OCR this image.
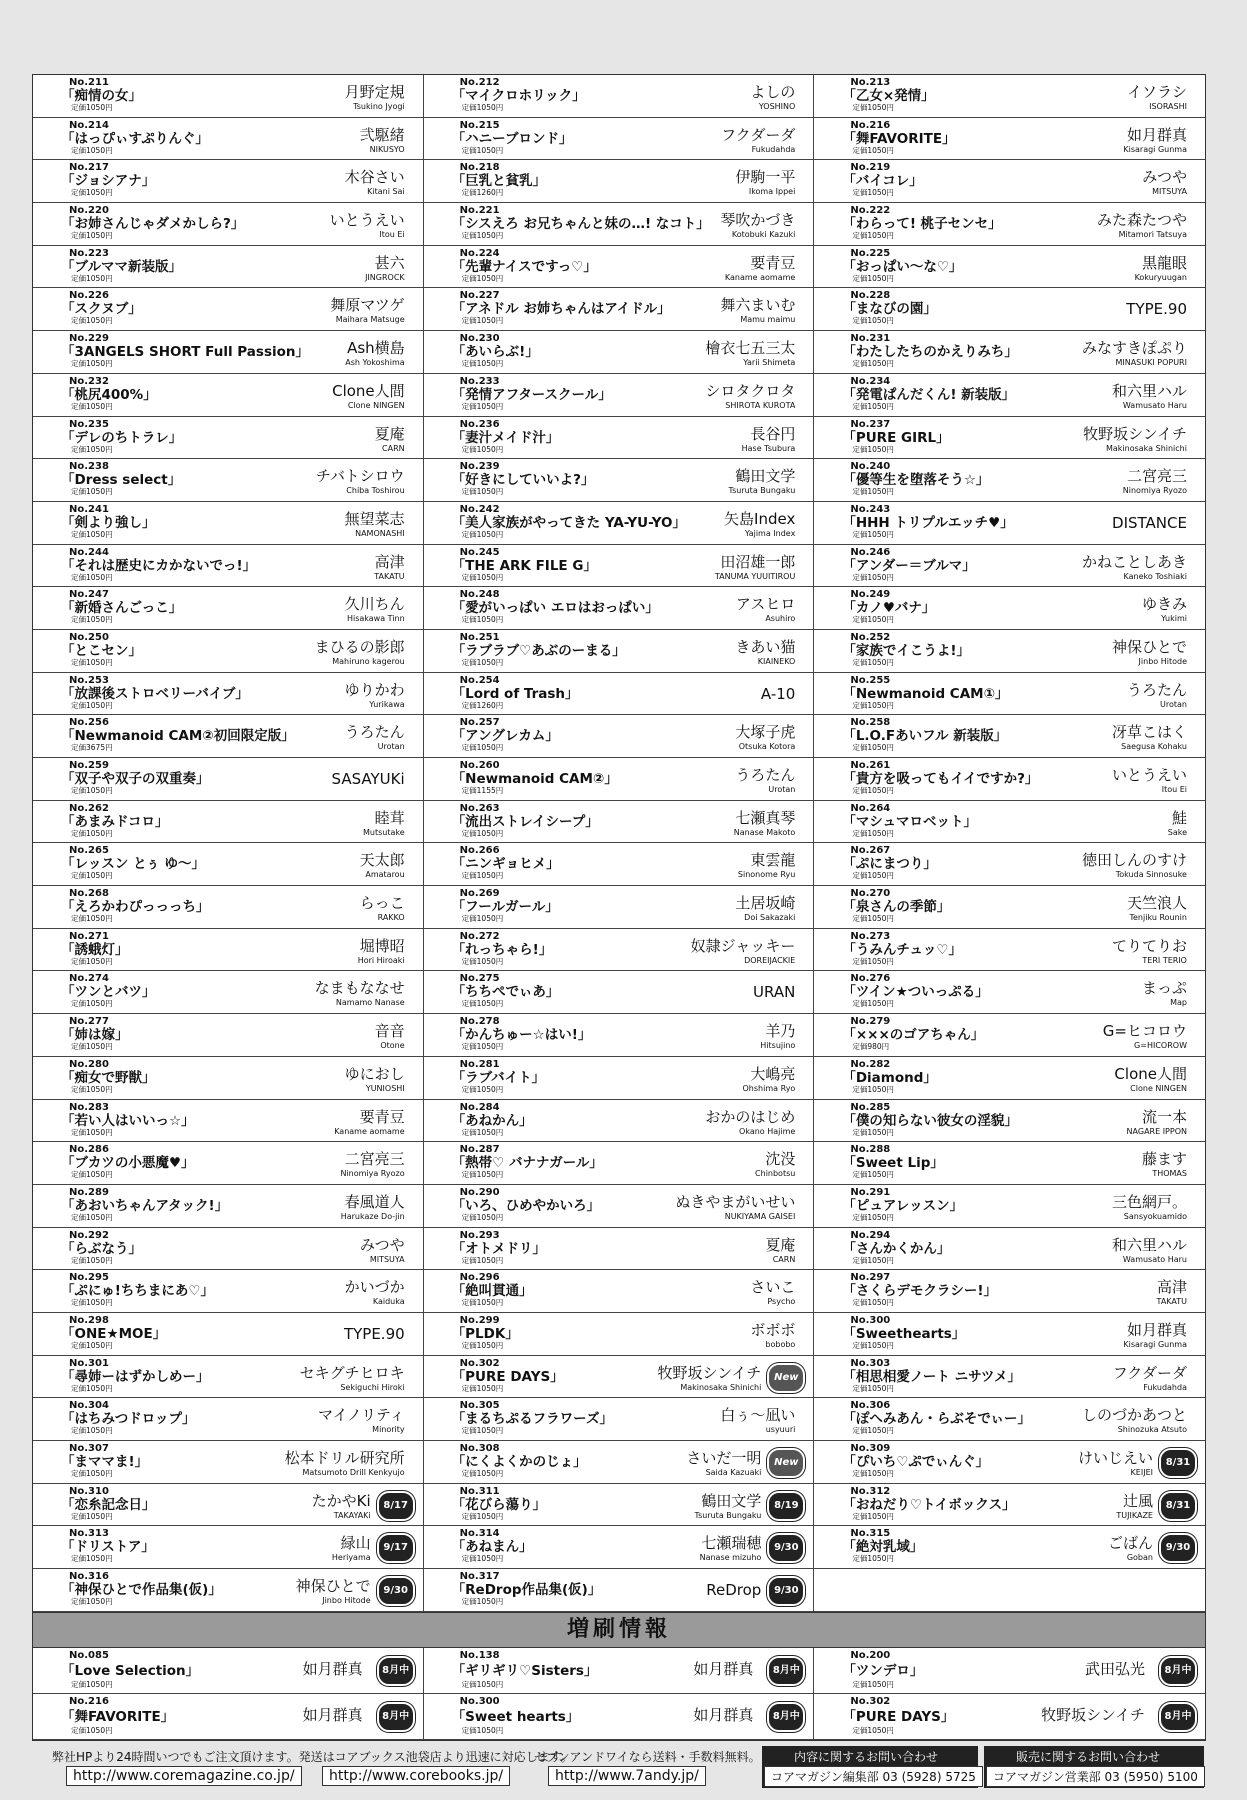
No.211
「痴情の女」
定価1050円
月野定規
Tsukino Jyogi
No.212
「マイクロホリック」
定価1050円
よしの
YOSHINO
No.213
「乙女×発情」
定価1050円
イソラシ
ISORASHI
No.214
「はっぴぃすぷりんぐ」
定価1050円
弐駆緒
NIKUSYO
No.215
「ハニーブロンド」
定価1050円
フクダーダ
Fukudahda
No.216
「舞FAVORITE」
定価1050円
如月群真
Kisaragi Gunma
No.217
「ジョシアナ」
定価1050円
木谷さい
Kitani Sai
No.218
「巨乳と貧乳」
定価1260円
伊駒一平
Ikoma Ippei
No.219
「バイコレ」
定価1050円
みつや
MITSUYA
No.220
「お姉さんじゃダメかしら?」
定価1050円
いとうえい
Itou Ei
No.221
「シスえろ お兄ちゃんと妹の…! なコト」
定価1050円
琴吹かづき
Kotobuki Kazuki
No.222
「わらって! 桃子センセ」
定価1050円
みた森たつや
Mitamori Tatsuya
No.223
「ブルママ新装版」
定価1050円
甚六
JINGROCK
No.224
「先輩ナイスですっ♡」
定価1050円
要青豆
Kaname aomame
No.225
「おっぱい～な♡」
定価1050円
黒龍眼
Kokuryuugan
No.226
「スクヌブ」
定価1050円
舞原マツゲ
Maihara Matsuge
No.227
「アネドル お姉ちゃんはアイドル」
定価1050円
舞六まいむ
Mamu maimu
No.228
「まなびの園」
定価1050円
TYPE.90
No.229
「3ANGELS SHORT Full Passion」
定価1050円
Ash横島
Ash Yokoshima
No.230
「あいらぶ!」
定価1050円
檜衣七五三太
Yarii Shimeta
No.231
「わたしたちのかえりみち」
定価1050円
みなすきぽぷり
MINASUKI POPURI
No.232
「桃尻400%」
定価1050円
Clone人間
Clone NINGEN
No.233
「発情アフタースクール」
定価1050円
シロタクロタ
SHIROTA KUROTA
No.234
「発電ぱんだくん! 新装版」
定価1050円
和六里ハル
Wamusato Haru
No.235
「デレのちトラレ」
定価1050円
夏庵
CARN
No.236
「妻汁メイド汁」
定価1050円
長谷円
Hase Tsubura
No.237
「PURE GIRL」
定価1050円
牧野坂シンイチ
Makinosaka Shinichi
No.238
「Dress select」
定価1050円
チバトシロウ
Chiba Toshirou
No.239
「好きにしていいよ?」
定価1050円
鶴田文学
Tsuruta Bungaku
No.240
「優等生を堕落そう☆」
定価1050円
二宮亮三
Ninomiya Ryozo
No.241
「剣より強し」
定価1050円
無望菜志
NAMONASHI
No.242
「美人家族がやってきた YA-YU-YO」
定価1050円
矢島Index
Yajima Index
No.243
「HHH トリプルエッチ♥」
定価1050円
DISTANCE
No.244
「それは歴史にカかないでっ!」
定価1050円
高津
TAKATU
No.245
「THE ARK FILE G」
定価1050円
田沼雄一郎
TANUMA YUUITIROU
No.246
「アンダー＝ブルマ」
定価1050円
かねことしあき
Kaneko Toshiaki
No.247
「新婚さんごっこ」
定価1050円
久川ちん
Hisakawa Tinn
No.248
「愛がいっぱい エロはおっぱい」
定価1050円
アスヒロ
Asuhiro
No.249
「カノ♥バナ」
定価1050円
ゆきみ
Yukimi
No.250
「とこセン」
定価1050円
まひるの影郎
Mahiruno kagerou
No.251
「ラブラブ♡あぶのーまる」
定価1050円
きあい猫
KIAINEKO
No.252
「家族でイこうよ!」
定価1050円
神保ひとで
Jinbo Hitode
No.253
「放課後ストロベリーバイブ」
定価1050円
ゆりかわ
Yurikawa
No.254
「Lord of Trash」
定価1260円
A-10
No.255
「Newmanoid CAM①」
定価1050円
うろたん
Urotan
No.256
「Newmanoid CAM②初回限定版」
定価3675円
うろたん
Urotan
No.257
「アングレカム」
定価1050円
大塚子虎
Otsuka Kotora
No.258
「L.O.Fあいフル 新装版」
定価1050円
冴草こはく
Saegusa Kohaku
No.259
「双子や双子の双重奏」
定価1050円
SASAYUKi
No.260
「Newmanoid CAM②」
定価1155円
うろたん
Urotan
No.261
「貴方を吸ってもイイですか?」
定価1050円
いとうえい
Itou Ei
No.262
「あまみドコロ」
定価1050円
睦茸
Mutsutake
No.263
「流出ストレイシープ」
定価1050円
七瀬真琴
Nanase Makoto
No.264
「マシュマロベット」
定価1050円
鮭
Sake
No.265
「レッスン とぅ ゆ～」
定価1050円
天太郎
Amatarou
No.266
「ニンギョヒメ」
定価1050円
東雲龍
Sinonome Ryu
No.267
「ぷにまつり」
定価1050円
徳田しんのすけ
Tokuda Sinnosuke
No.268
「えろかわぴっっっち」
定価1050円
らっこ
RAKKO
No.269
「フールガール」
定価1050円
土居坂崎
Doi Sakazaki
No.270
「泉さんの季節」
定価1050円
天竺浪人
Tenjiku Rounin
No.271
「誘蛾灯」
定価1050円
堀博昭
Hori Hiroaki
No.272
「れっちゃら!」
定価1050円
奴隷ジャッキー
DOREIJACKIE
No.273
「うみんチュッ♡」
定価1050円
てりてりお
TERI TERIO
No.274
「ツンとバツ」
定価1050円
なまもななせ
Namamo Nanase
No.275
「ちちぺでぃあ」
定価1050円
URAN
No.276
「ツイン★ついっぷる」
定価1050円
まっぷ
Map
No.277
「姉は嫁」
定価1050円
音音
Otone
No.278
「かんちゅー☆はい!」
定価1050円
羊乃
Hitsujino
No.279
「×××のゴアちゃん」
定価980円
G=ヒコロウ
G=HICOROW
No.280
「痴女で野獣」
定価1050円
ゆにおし
YUNIOSHI
No.281
「ラブバイト」
定価1050円
大嶋亮
Ohshima Ryo
No.282
「Diamond」
定価1050円
Clone人間
Clone NINGEN
No.283
「若い人はいいっ☆」
定価1050円
要青豆
Kaname aomame
No.284
「あねかん」
定価1050円
おかのはじめ
Okano Hajime
No.285
「僕の知らない彼女の淫貌」
定価1050円
流一本
NAGARE IPPON
No.286
「ブカツの小悪魔♥」
定価1050円
二宮亮三
Ninomiya Ryozo
No.287
「熱帯♡ バナナガール」
定価1050円
沈没
Chinbotsu
No.288
「Sweet Lip」
定価1050円
藤ます
THOMAS
No.289
「あおいちゃんアタック!」
定価1050円
春風道人
Harukaze Do-jin
No.290
「いろ、ひめやかいろ」
定価1050円
ぬきやまがいせい
NUKIYAMA GAISEI
No.291
「ピュアレッスン」
定価1050円
三色網戸。
Sansyokuamido
No.292
「らぶなう」
定価1050円
みつや
MITSUYA
No.293
「オトメドリ」
定価1050円
夏庵
CARN
No.294
「さんかくかん」
定価1050円
和六里ハル
Wamusato Haru
No.295
「ぷにゅ!ちちまにあ♡」
定価1050円
かいづか
Kaiduka
No.296
「絶叫貫通」
定価1050円
さいこ
Psycho
No.297
「さくらデモクラシー!」
定価1050円
高津
TAKATU
No.298
「ONE★MOE」
定価1050円
TYPE.90
No.299
「PLDK」
定価1050円
ボボボ
bobobo
No.300
「Sweethearts」
定価1050円
如月群真
Kisaragi Gunma
No.301
「尋姉ーはずかしめー」
定価1050円
セキグチヒロキ
Sekiguchi Hiroki
No.302
「PURE DAYS」
定価1050円
牧野坂シンイチ
Makinosaka Shinichi
New
No.303
「相思相愛ノート ニサツメ」
定価1050円
フクダーダ
Fukudahda
No.304
「はちみつドロップ」
定価1050円
マイノリティ
Minority
No.305
「まるちぷるフラワーズ」
定価1050円
白ぅ～凪い
usyuuri
No.306
「ぽへみあん・らぶそでぃー」
定価1050円
しのづかあつと
Shinozuka Atsuto
No.307
「まママま!」
定価1050円
松本ドリル研究所
Matsumoto Drill Kenkyujo
No.308
「にくよくかのじょ」
定価1050円
さいだ一明
Saida Kazuaki
New
No.309
「ぴいち♡ぷでぃんぐ」
定価1050円
けいじえい
KEIJEI
8/31
No.310
「恋糸記念日」
定価1050円
たかやKi
TAKAYAKi
8/17
No.311
「花びら蕩り」
定価1050円
鶴田文学
Tsuruta Bungaku
8/19
No.312
「おねだり♡トイボックス」
定価1050円
辻風
TUJIKAZE
8/31
No.313
「ドリストア」
定価1050円
緑山
Heriyama
9/17
No.314
「あねまん」
定価1050円
七瀬瑞穂
Nanase mizuho
9/30
No.315
「絶対乳域」
定価1050円
ごばん
Goban
9/30
No.316
「神保ひとで作品集(仮)」
定価1050円
神保ひとで
Jinbo Hitode
9/30
No.317
「ReDrop作品集(仮)」
定価1050円
ReDrop	9/30
増刷情報
No.085
「Love Selection」
定価1050円
如月群真	8月中
No.138
「ギリギリ♡Sisters」
定価1050円
如月群真	8月中
No.200
「ツンデロ」
定価1050円
武田弘光	8月中
No.216
「舞FAVORITE」
定価1050円
如月群真	8月中
No.300
「Sweet hearts」
定価1050円
如月群真	8月中
No.302
「PURE DAYS」
定価1050円
牧野坂シンイチ	8月中
弊社HPより24時間いつでもご注文頂けます。発送はコアブックス池袋店より迅速に対応します。
http://www.coremagazine.co.jp/	http://www.corebooks.jp/
セブンアンドワイなら送料・手数料無料。
http://www.7andy.jp/
内容に関するお問い合わせ
コアマガジン編集部 03 (5928) 5725
販売に関するお問い合わせ
コアマガジン営業部 03 (5950) 5100
